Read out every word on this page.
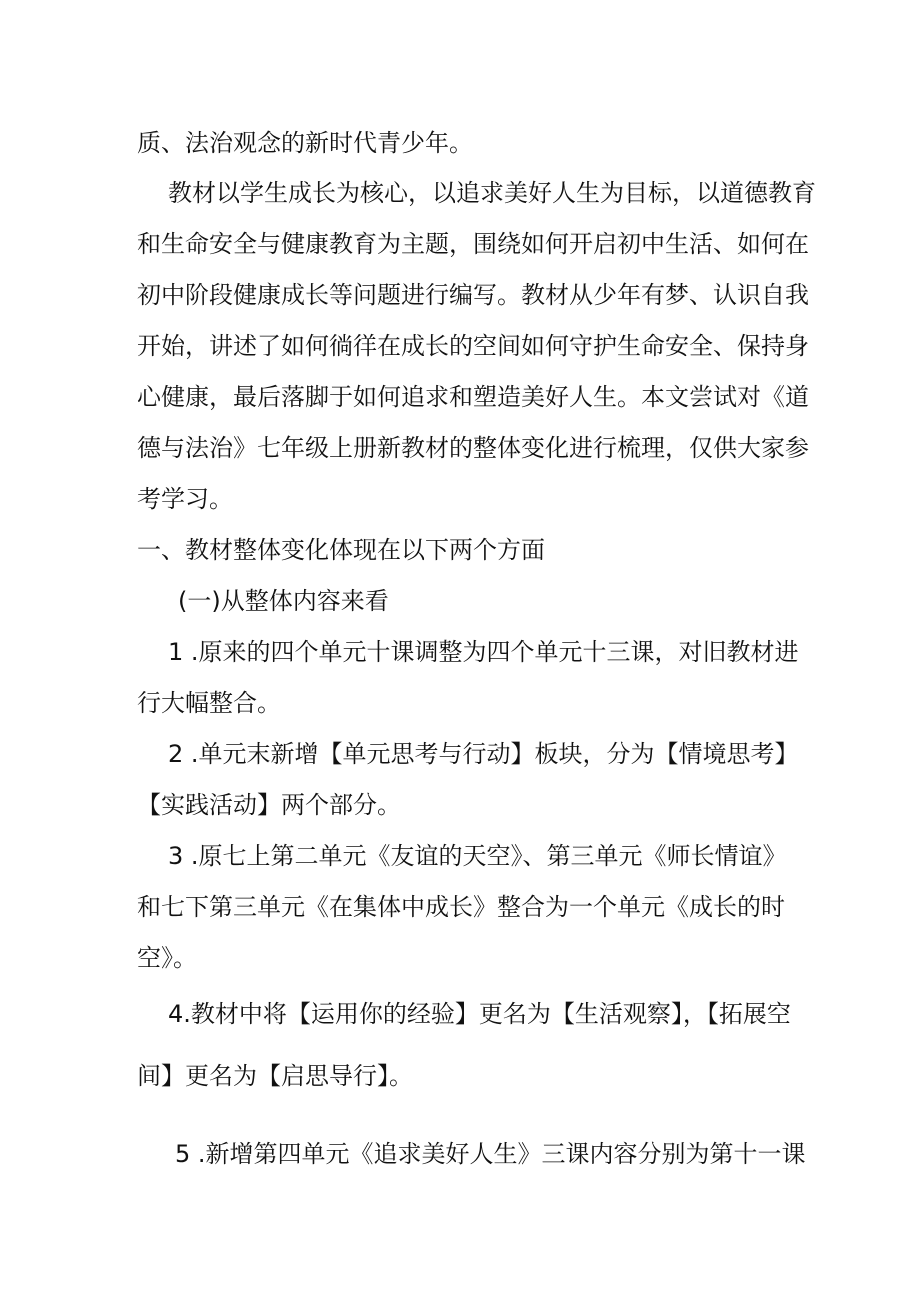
质、法治观念的新时代青少年。
教材以学生成长为核心，以追求美好人生为目标，以道德教育
和生命安全与健康教育为主题，围绕如何开启初中生活、如何在
初中阶段健康成长等问题进行编写。教材从少年有梦、认识自我
开始，讲述了如何徜徉在成长的空间如何守护生命安全、保持身
心健康，最后落脚于如何追求和塑造美好人生。本文尝试对《道
德与法治》七年级上册新教材的整体变化进行梳理，仅供大家参
考学习。
一、教材整体变化体现在以下两个方面
(一)从整体内容来看
1 .原来的四个单元十课调整为四个单元十三课，对旧教材进
行大幅整合。
2 .单元末新增【单元思考与行动】板块，分为【情境思考】
【实践活动】两个部分。
3 .原七上第二单元《友谊的天空》、第三单元《师长情谊》
和七下第三单元《在集体中成长》整合为一个单元《成长的时
空》。
4.教材中将【运用你的经验】更名为【生活观察】，【拓展空
间】更名为【启思导行】。
5 .新增第四单元《追求美好人生》三课内容分别为第十一课
